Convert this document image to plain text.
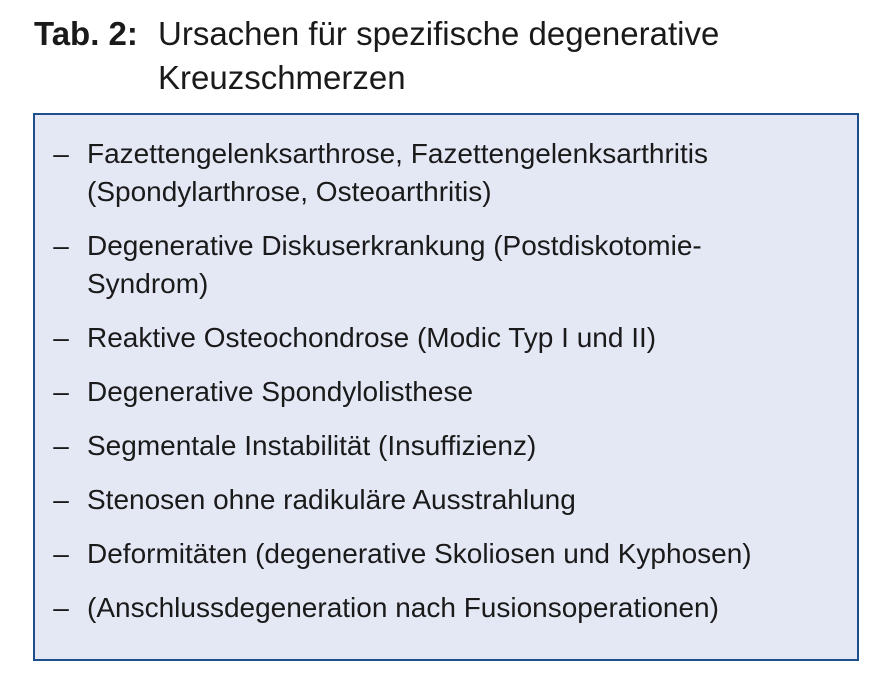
Tab. 2: Ursachen für spezifische degenerative
Kreuzschmerzen
– Fazettengelenksarthrose, Fazettengelenksarthritis
(Spondylarthrose, Osteoarthritis)
– Degenerative Diskuserkrankung (Postdiskotomie-
Syndrom)
– Reaktive Osteochondrose (Modic Typ I und II)
– Degenerative Spondylolisthese
– Segmentale Instabilität (Insuffizienz)
– Stenosen ohne radikuläre Ausstrahlung
– Deformitäten (degenerative Skoliosen und Kyphosen)
– (Anschlussdegeneration nach Fusionsoperationen)
